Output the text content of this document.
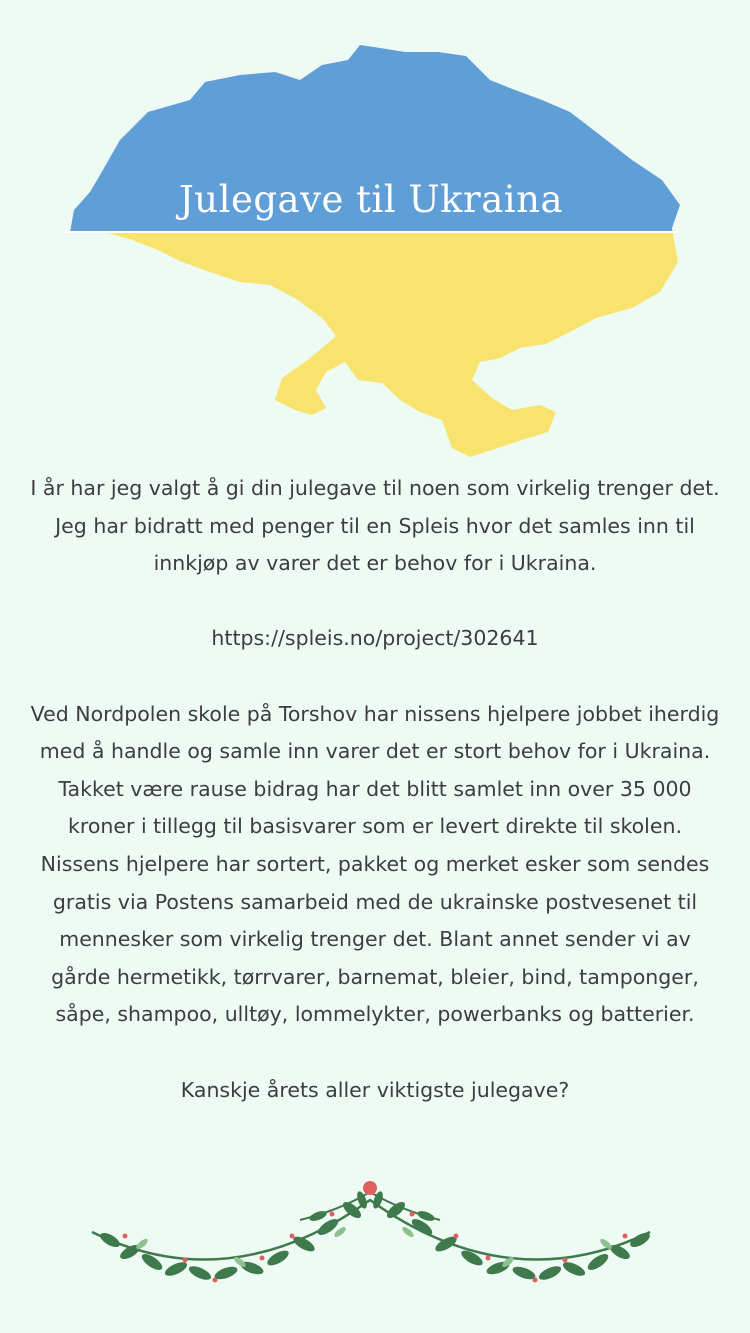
Julegave til Ukraina

I år har jeg valgt å gi din julegave til noen som virkelig trenger det. Jeg har bidratt med penger til en Spleis hvor det samles inn til innkjøp av varer det er behov for i Ukraina.

https://spleis.no/project/302641

Ved Nordpolen skole på Torshov har nissens hjelpere jobbet iherdig med å handle og samle inn varer det er stort behov for i Ukraina. Takket være rause bidrag har det blitt samlet inn over 35 000 kroner i tillegg til basisvarer som er levert direkte til skolen. Nissens hjelpere har sortert, pakket og merket esker som sendes gratis via Postens samarbeid med de ukrainske postvesenet til mennesker som virkelig trenger det. Blant annet sender vi av gårde hermetikk, tørrvarer, barnemat, bleier, bind, tamponger, såpe, shampoo, ulltøy, lommelykter, powerbanks og batterier.

Kanskje årets aller viktigste julegave?
